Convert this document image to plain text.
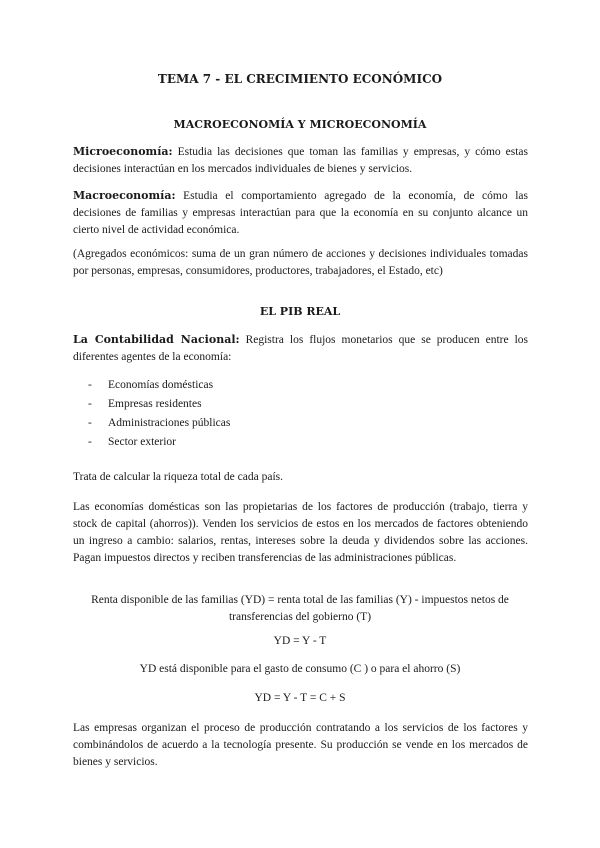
TEMA 7 - EL CRECIMIENTO ECONÓMICO
MACROECONOMÍA Y MICROECONOMÍA

Microeconomía: Estudia las decisiones que toman las familias y empresas, y cómo estas decisiones interactúan en los mercados individuales de bienes y servicios.

Macroeconomía: Estudia el comportamiento agregado de la economía, de cómo las decisiones de familias y empresas interactúan para que la economía en su conjunto alcance un cierto nivel de actividad económica.

(Agregados económicos: suma de un gran número de acciones y decisiones individuales tomadas por personas, empresas, consumidores, productores, trabajadores, el Estado, etc)

EL PIB REAL

La Contabilidad Nacional: Registra los flujos monetarios que se producen entre los diferentes agentes de la economía:

- Economías domésticas
- Empresas residentes
- Administraciones públicas
- Sector exterior

Trata de calcular la riqueza total de cada país.

Las economías domésticas son las propietarias de los factores de producción (trabajo, tierra y stock de capital (ahorros)). Venden los servicios de estos en los mercados de factores obteniendo un ingreso a cambio: salarios, rentas, intereses sobre la deuda y dividendos sobre las acciones. Pagan impuestos directos y reciben transferencias de las administraciones públicas.

Renta disponible de las familias (YD) = renta total de las familias (Y) - impuestos netos de
transferencias del gobierno (T)
YD = Y - T
YD está disponible para el gasto de consumo (C ) o para el ahorro (S)
YD = Y - T = C + S

Las empresas organizan el proceso de producción contratando a los servicios de los factores y combinándolos de acuerdo a la tecnología presente. Su producción se vende en los mercados de bienes y servicios.
